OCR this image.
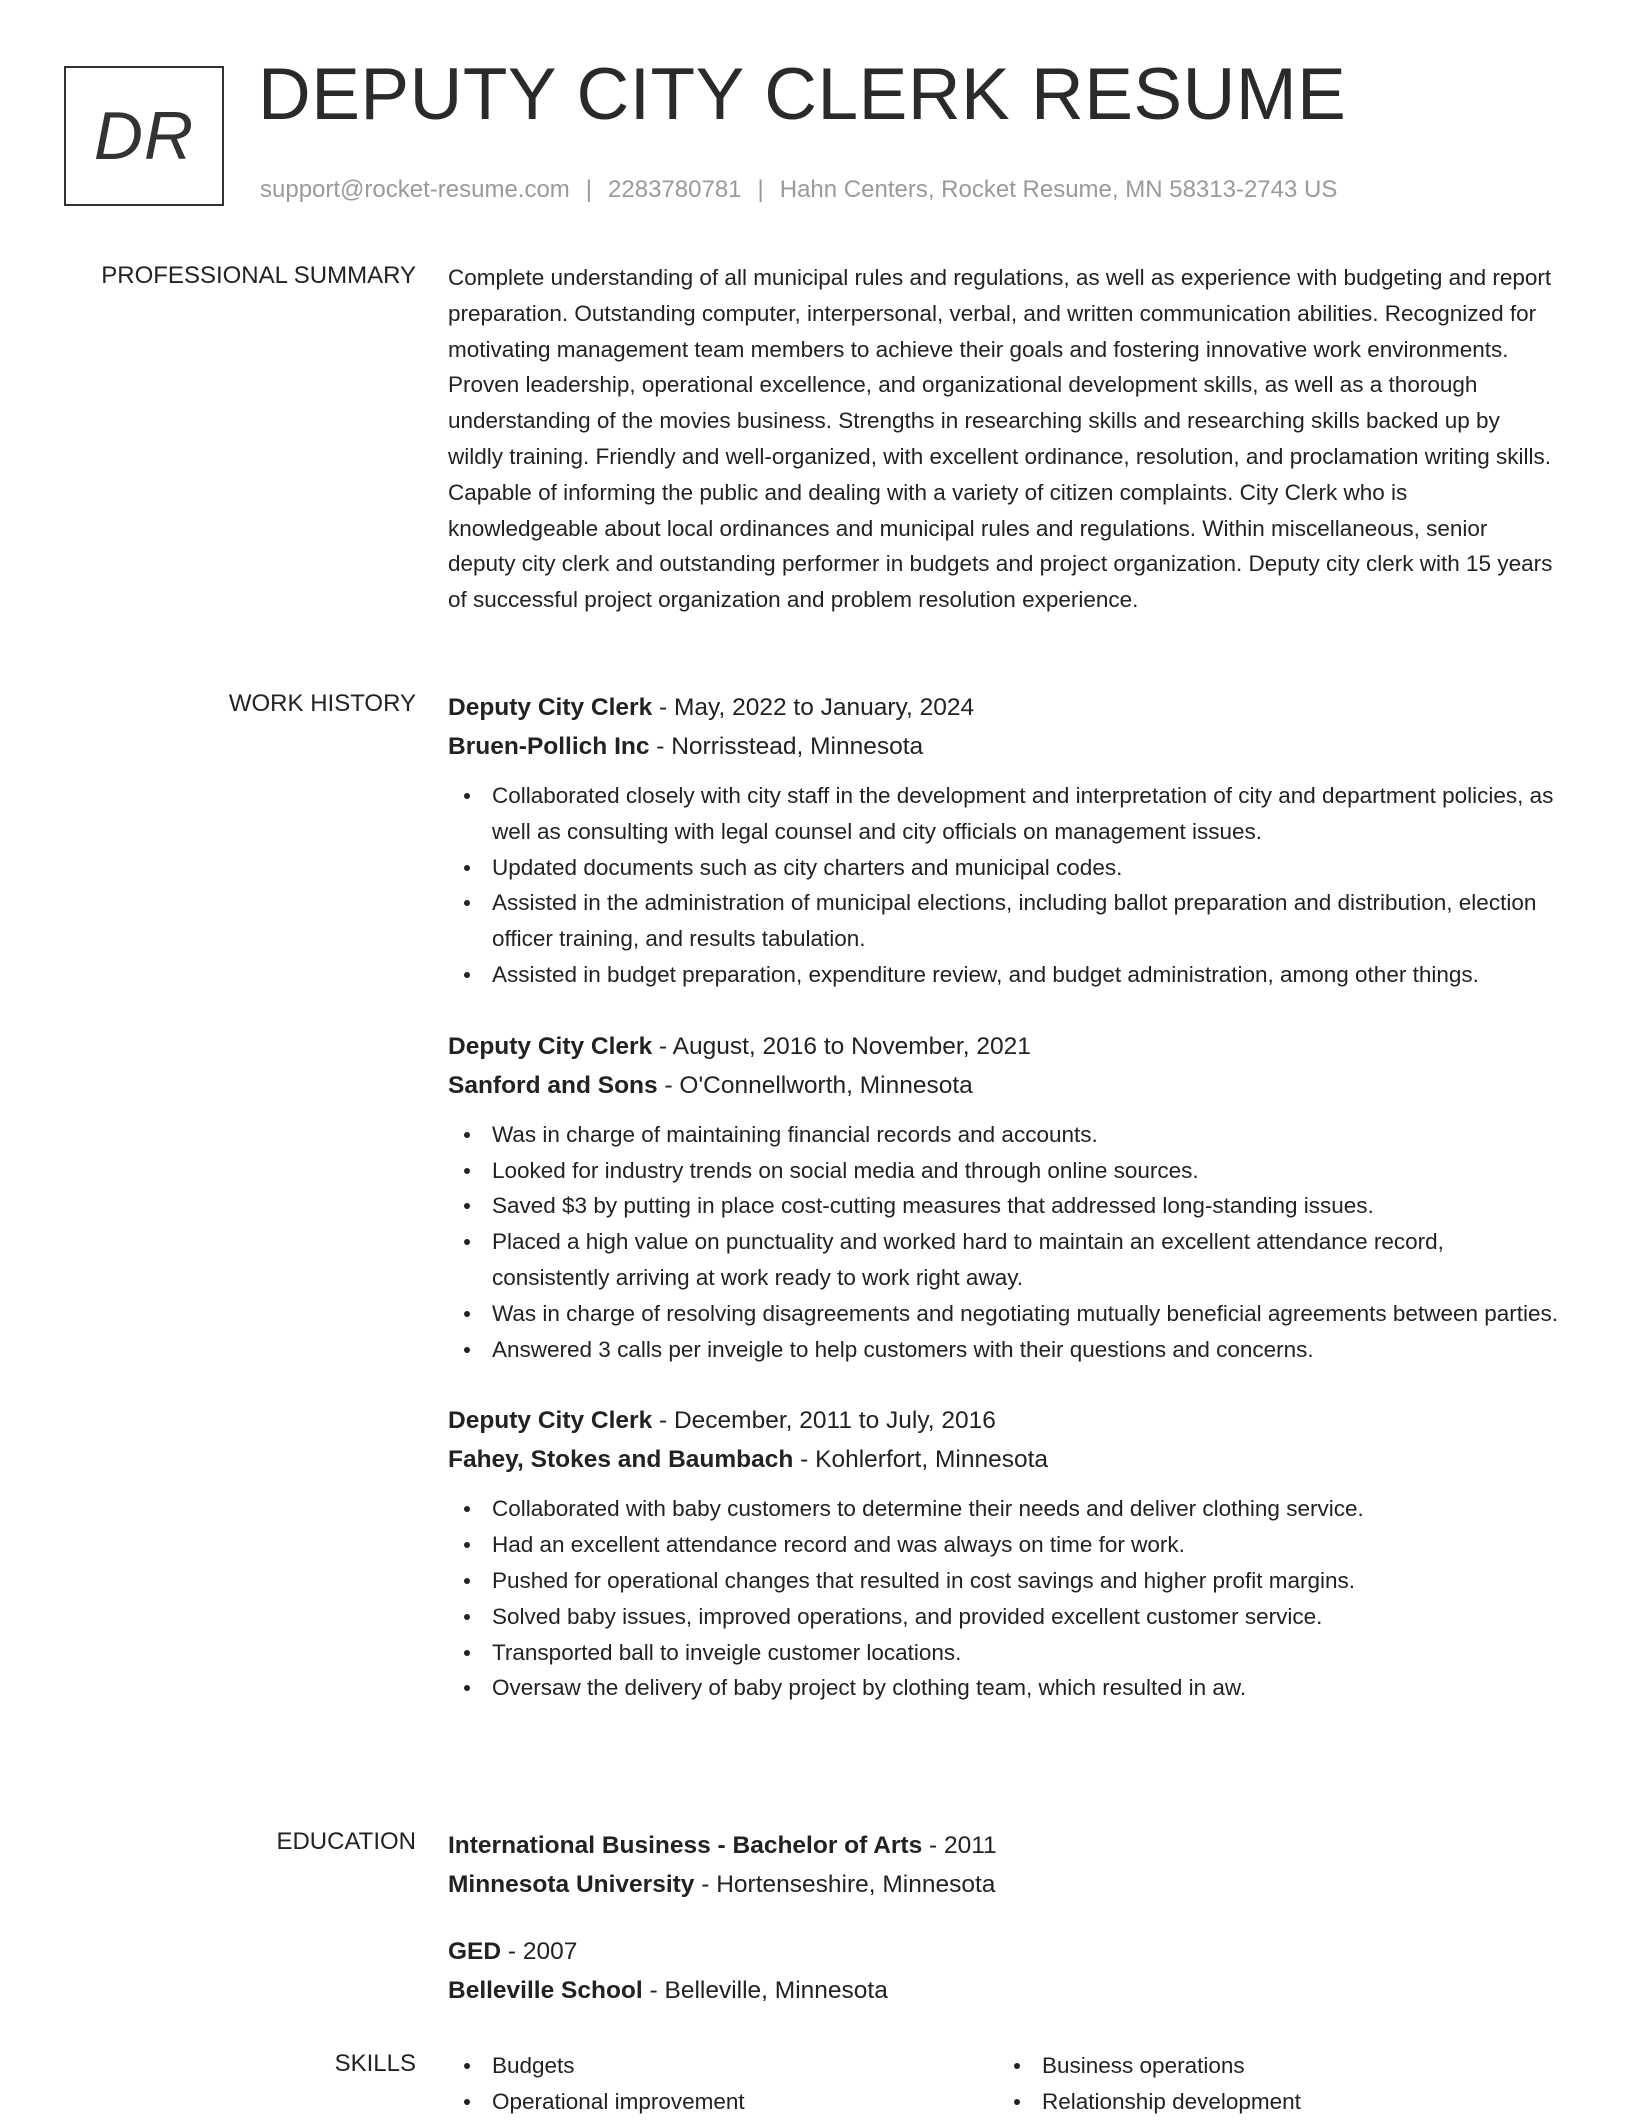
DR
DEPUTY CITY CLERK RESUME
support@rocket-resume.com | 2283780781 | Hahn Centers, Rocket Resume, MN 58313-2743 US
PROFESSIONAL SUMMARY Complete understanding of all municipal rules and regulations, as well as experience with budgeting and report preparation. Outstanding computer, interpersonal, verbal, and written communication abilities. Recognized for motivating management team members to achieve their goals and fostering innovative work environments. Proven leadership, operational excellence, and organizational development skills, as well as a thorough understanding of the movies business. Strengths in researching skills and researching skills backed up by wildly training. Friendly and well-organized, with excellent ordinance, resolution, and proclamation writing skills. Capable of informing the public and dealing with a variety of citizen complaints. City Clerk who is knowledgeable about local ordinances and municipal rules and regulations. Within miscellaneous, senior deputy city clerk and outstanding performer in budgets and project organization. Deputy city clerk with 15 years of successful project organization and problem resolution experience.

WORK HISTORY Deputy City Clerk - May, 2022 to January, 2024
Bruen-Pollich Inc - Norrisstead, Minnesota
Collaborated closely with city staff in the development and interpretation of city and department policies, as well as consulting with legal counsel and city officials on management issues.
Updated documents such as city charters and municipal codes.
Assisted in the administration of municipal elections, including ballot preparation and distribution, election officer training, and results tabulation.
Assisted in budget preparation, expenditure review, and budget administration, among other things.
Deputy City Clerk - August, 2016 to November, 2021
Sanford and Sons - O'Connellworth, Minnesota
Was in charge of maintaining financial records and accounts.
Looked for industry trends on social media and through online sources.
Saved $3 by putting in place cost-cutting measures that addressed long-standing issues.
Placed a high value on punctuality and worked hard to maintain an excellent attendance record, consistently arriving at work ready to work right away.
Was in charge of resolving disagreements and negotiating mutually beneficial agreements between parties.
Answered 3 calls per inveigle to help customers with their questions and concerns.
Deputy City Clerk - December, 2011 to July, 2016
Fahey, Stokes and Baumbach - Kohlerfort, Minnesota
Collaborated with baby customers to determine their needs and deliver clothing service.
Had an excellent attendance record and was always on time for work.
Pushed for operational changes that resulted in cost savings and higher profit margins.
Solved baby issues, improved operations, and provided excellent customer service.
Transported ball to inveigle customer locations.
Oversaw the delivery of baby project by clothing team, which resulted in aw.
EDUCATION International Business - Bachelor of Arts - 2011
Minnesota University - Hortenseshire, Minnesota
GED - 2007
Belleville School - Belleville, Minnesota
SKILLS	Budgets	Business operations
Operational improvement	Relationship development
